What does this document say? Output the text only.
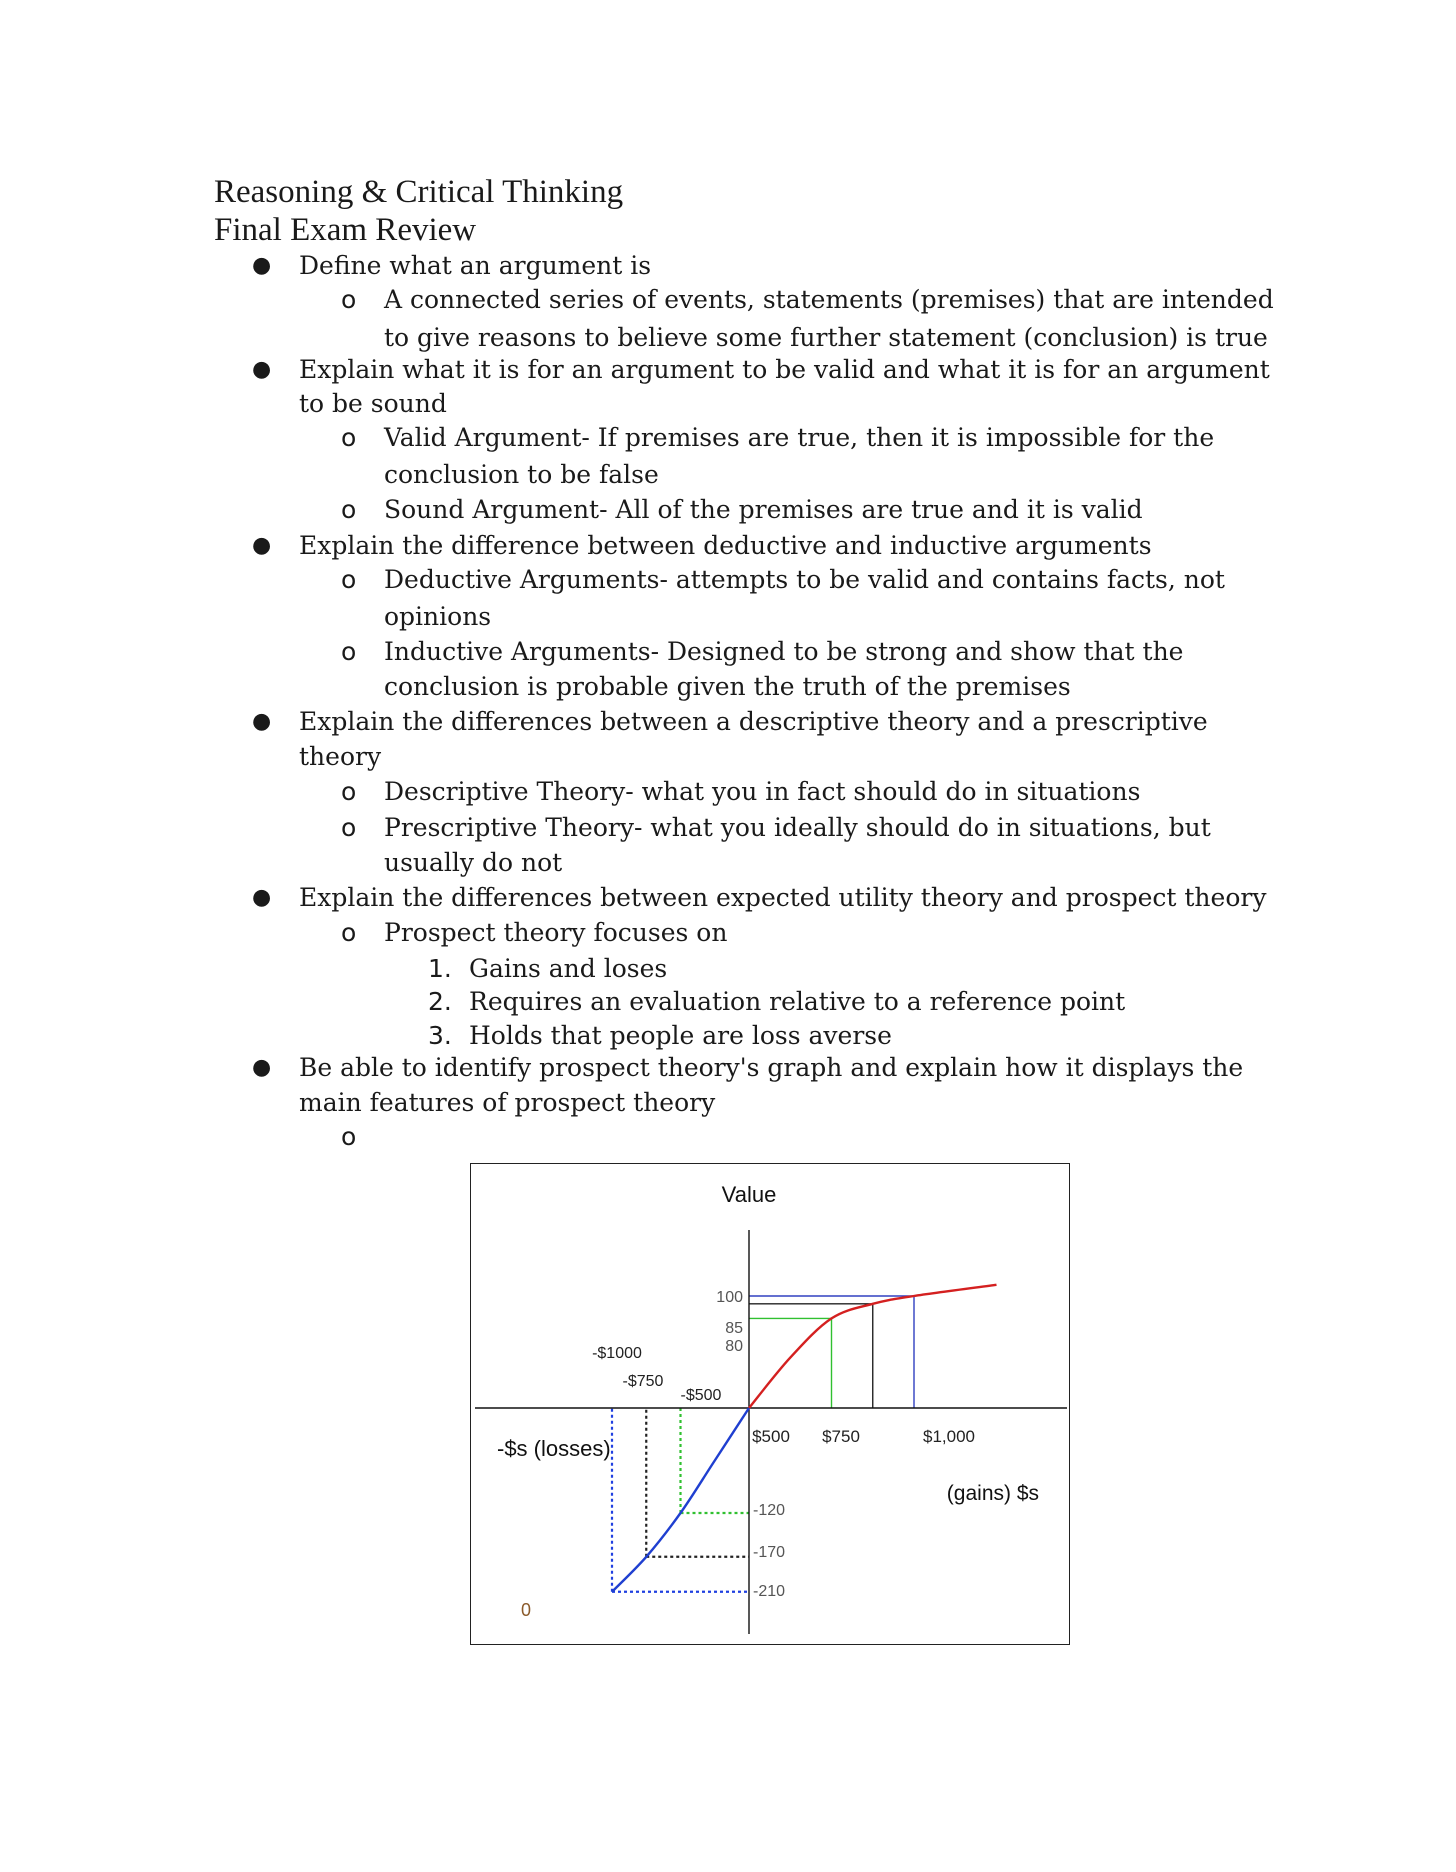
Reasoning & Critical Thinking
Final Exam Review
● Define what an argument is
o A connected series of events, statements (premises) that are intended
to give reasons to believe some further statement (conclusion) is true
● Explain what it is for an argument to be valid and what it is for an argument
to be sound
o Valid Argument- If premises are true, then it is impossible for the
conclusion to be false
o Sound Argument- All of the premises are true and it is valid
● Explain the difference between deductive and inductive arguments
o Deductive Arguments- attempts to be valid and contains facts, not
opinions
o Inductive Arguments- Designed to be strong and show that the
conclusion is probable given the truth of the premises
● Explain the differences between a descriptive theory and a prescriptive
theory
o Descriptive Theory- what you in fact should do in situations
o Prescriptive Theory- what you ideally should do in situations, but
usually do not
● Explain the differences between expected utility theory and prospect theory
o Prospect theory focuses on
1. Gains and loses
2. Requires an evaluation relative to a reference point
3. Holds that people are loss averse
● Be able to identify prospect theory's graph and explain how it displays the
main features of prospect theory
o
Value
-$s (losses)
(gains) $s
0
$500 $750	$1,000
-$1000
-$750
-$500
100
85
80
-120
-170
-210
